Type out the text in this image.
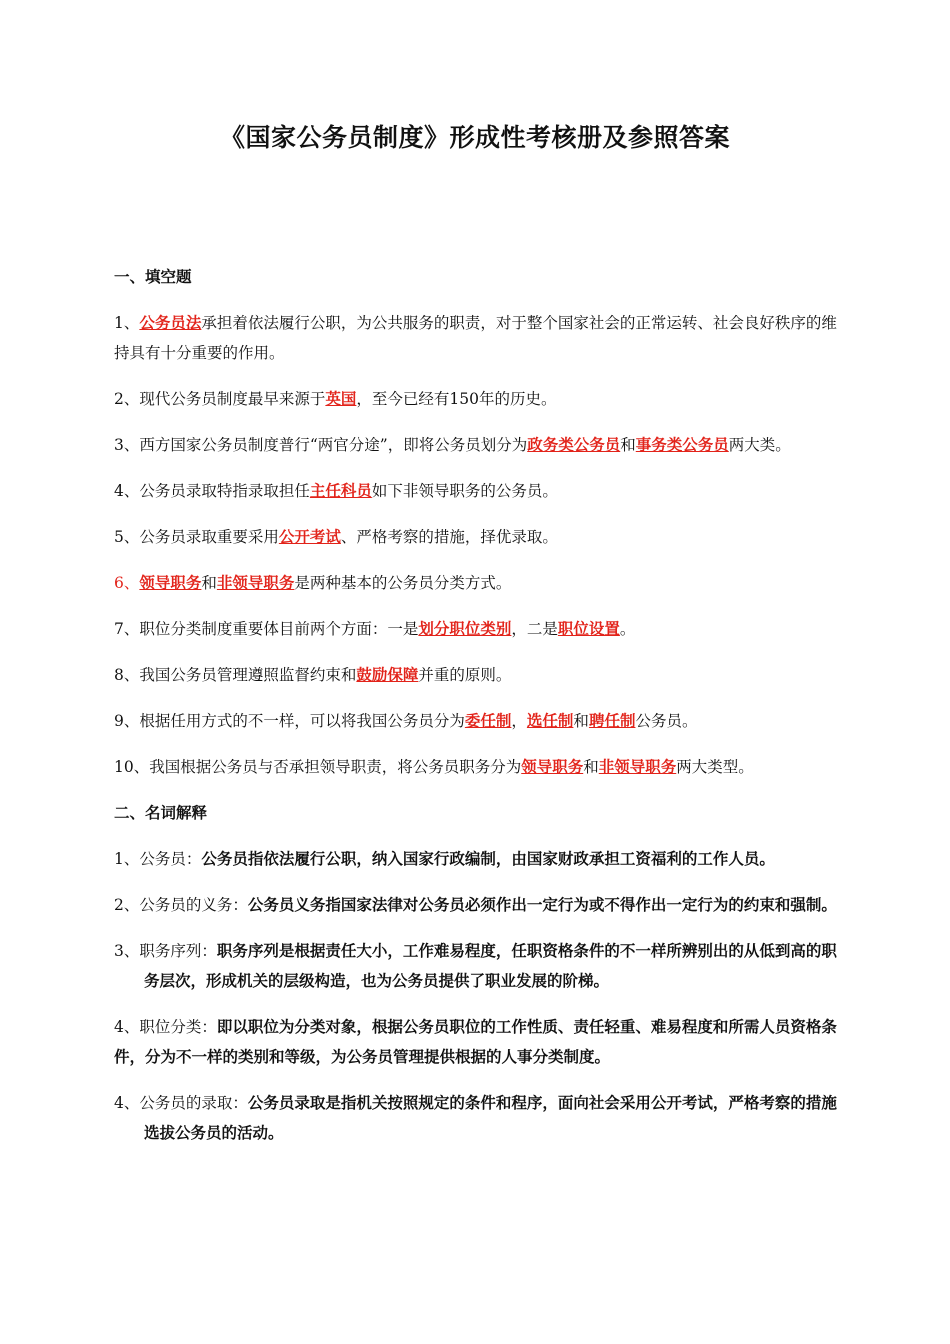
《国家公务员制度》形成性考核册及参照答案
一、填空题
1、公务员法承担着依法履行公职，为公共服务的职责，对于整个国家社会的正常运转、社会良好秩序的维持具有十分重要的作用。
2、现代公务员制度最早来源于英国，至今已经有150年的历史。
3、西方国家公务员制度普行“两官分途”，即将公务员划分为政务类公务员和事务类公务员两大类。
4、公务员录取特指录取担任主任科员如下非领导职务的公务员。
5、公务员录取重要采用公开考试、严格考察的措施，择优录取。
6、领导职务和非领导职务是两种基本的公务员分类方式。
7、职位分类制度重要体目前两个方面：一是划分职位类别，二是职位设置。
8、我国公务员管理遵照监督约束和鼓励保障并重的原则。
9、根据任用方式的不一样，可以将我国公务员分为委任制，选任制和聘任制公务员。
10、我国根据公务员与否承担领导职责，将公务员职务分为领导职务和非领导职务两大类型。
二、名词解释
1、公务员：公务员指依法履行公职，纳入国家行政编制，由国家财政承担工资福利的工作人员。
2、公务员的义务：公务员义务指国家法律对公务员必须作出一定行为或不得作出一定行为的约束和强制。
3、职务序列：职务序列是根据责任大小，工作难易程度，任职资格条件的不一样所辨别出的从低到高的职务层次，形成机关的层级构造，也为公务员提供了职业发展的阶梯。
4、职位分类：即以职位为分类对象，根据公务员职位的工作性质、责任轻重、难易程度和所需人员资格条件，分为不一样的类别和等级，为公务员管理提供根据的人事分类制度。
4、公务员的录取：公务员录取是指机关按照规定的条件和程序，面向社会采用公开考试，严格考察的措施选拔公务员的活动。
